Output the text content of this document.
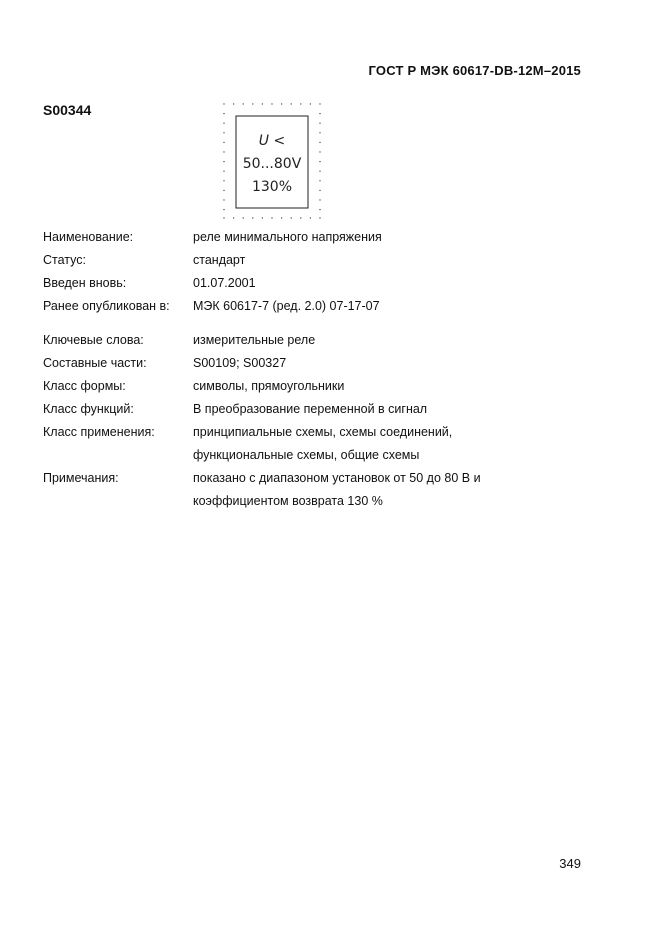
ГОСТ Р МЭК 60617-DB-12M–2015
S00344
U <
50...80V
130%
Наименование:	реле минимального напряжения
Статус:	стандарт
Введен вновь:	01.07.2001
Ранее опубликован в:	МЭК 60617-7 (ред. 2.0) 07-17-07
Ключевые слова:	измерительные реле
Составные части:	S00109; S00327
Класс формы:	символы, прямоугольники
Класс функций:	В преобразование переменной в сигнал
Класс применения:	принципиальные схемы, схемы соединений,
функциональные схемы, общие схемы
Примечания:	показано с диапазоном установок от 50 до 80 В и
коэффициентом возврата 130 %
349
